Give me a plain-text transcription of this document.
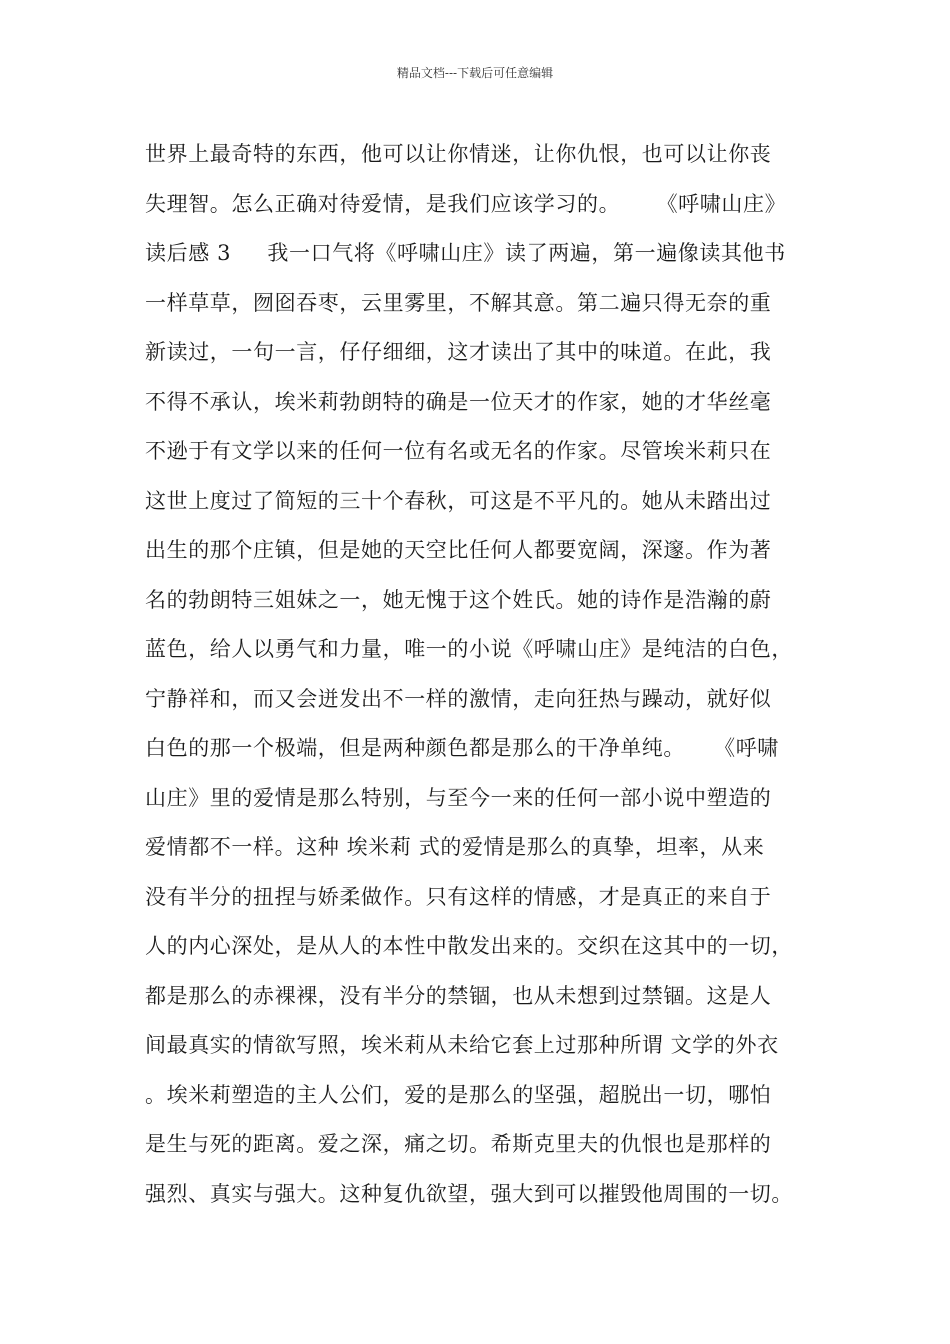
精品文档---下载后可任意编辑
世界上最奇特的东西，他可以让你情迷，让你仇恨，也可以让你丧
失理智。怎么正确对待爱情，是我们应该学习的。     《呼啸山庄》
读后感 3     我一口气将《呼啸山庄》读了两遍，第一遍像读其他书
一样草草，囫囵吞枣，云里雾里，不解其意。第二遍只得无奈的重
新读过，一句一言，仔仔细细，这才读出了其中的味道。在此，我
不得不承认，埃米莉勃朗特的确是一位天才的作家，她的才华丝毫
不逊于有文学以来的任何一位有名或无名的作家。尽管埃米莉只在
这世上度过了简短的三十个春秋，可这是不平凡的。她从未踏出过
出生的那个庄镇，但是她的天空比任何人都要宽阔，深邃。作为著
名的勃朗特三姐妹之一，她无愧于这个姓氏。她的诗作是浩瀚的蔚
蓝色，给人以勇气和力量，唯一的小说《呼啸山庄》是纯洁的白色，
宁静祥和，而又会迸发出不一样的激情，走向狂热与躁动，就好似
白色的那一个极端，但是两种颜色都是那么的干净单纯。    《呼啸
山庄》里的爱情是那么特别，与至今一来的任何一部小说中塑造的
爱情都不一样。这种 埃米莉 式的爱情是那么的真挚，坦率，从来
没有半分的扭捏与娇柔做作。只有这样的情感，才是真正的来自于
人的内心深处，是从人的本性中散发出来的。交织在这其中的一切，
都是那么的赤裸裸，没有半分的禁锢，也从未想到过禁锢。这是人
间最真实的情欲写照，埃米莉从未给它套上过那种所谓 文学的外衣
。埃米莉塑造的主人公们，爱的是那么的坚强，超脱出一切，哪怕
是生与死的距离。爱之深，痛之切。希斯克里夫的仇恨也是那样的
强烈、真实与强大。这种复仇欲望，强大到可以摧毁他周围的一切。
